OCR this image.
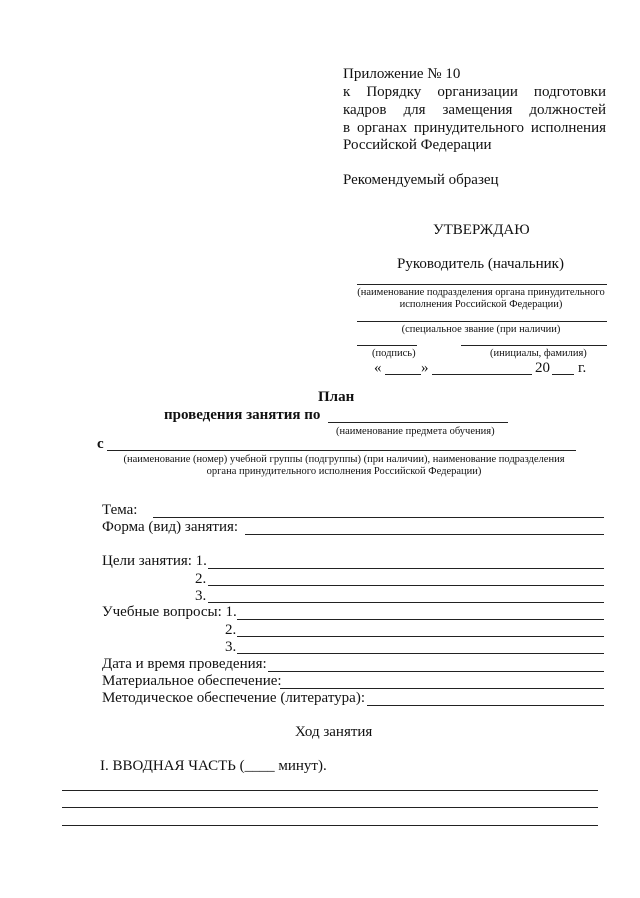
Приложение № 10
к Порядку организации подготовки
кадров для замещения должностей
в органах принудительного исполнения
Российской Федерации
Рекомендуемый образец
УТВЕРЖДАЮ
Руководитель (начальник)
(наименование подразделения органа принудительного
исполнения Российской Федерации)
(специальное звание (при наличии)
(подпись)	(инициалы, фамилия)
«	»	20 г.
План
проведения занятия по
(наименование предмета обучения)
с
(наименование (номер) учебной группы (подгруппы) (при наличии), наименование подразделения
органа принудительного исполнения Российской Федерации)
Тема:
Форма (вид) занятия:
Цели занятия: 1.
2.
3.
Учебные вопросы: 1.
2.
3.
Дата и время проведения:
Материальное обеспечение:
Методическое обеспечение (литература):
Ход занятия
I. ВВОДНАЯ ЧАСТЬ (____ минут).
